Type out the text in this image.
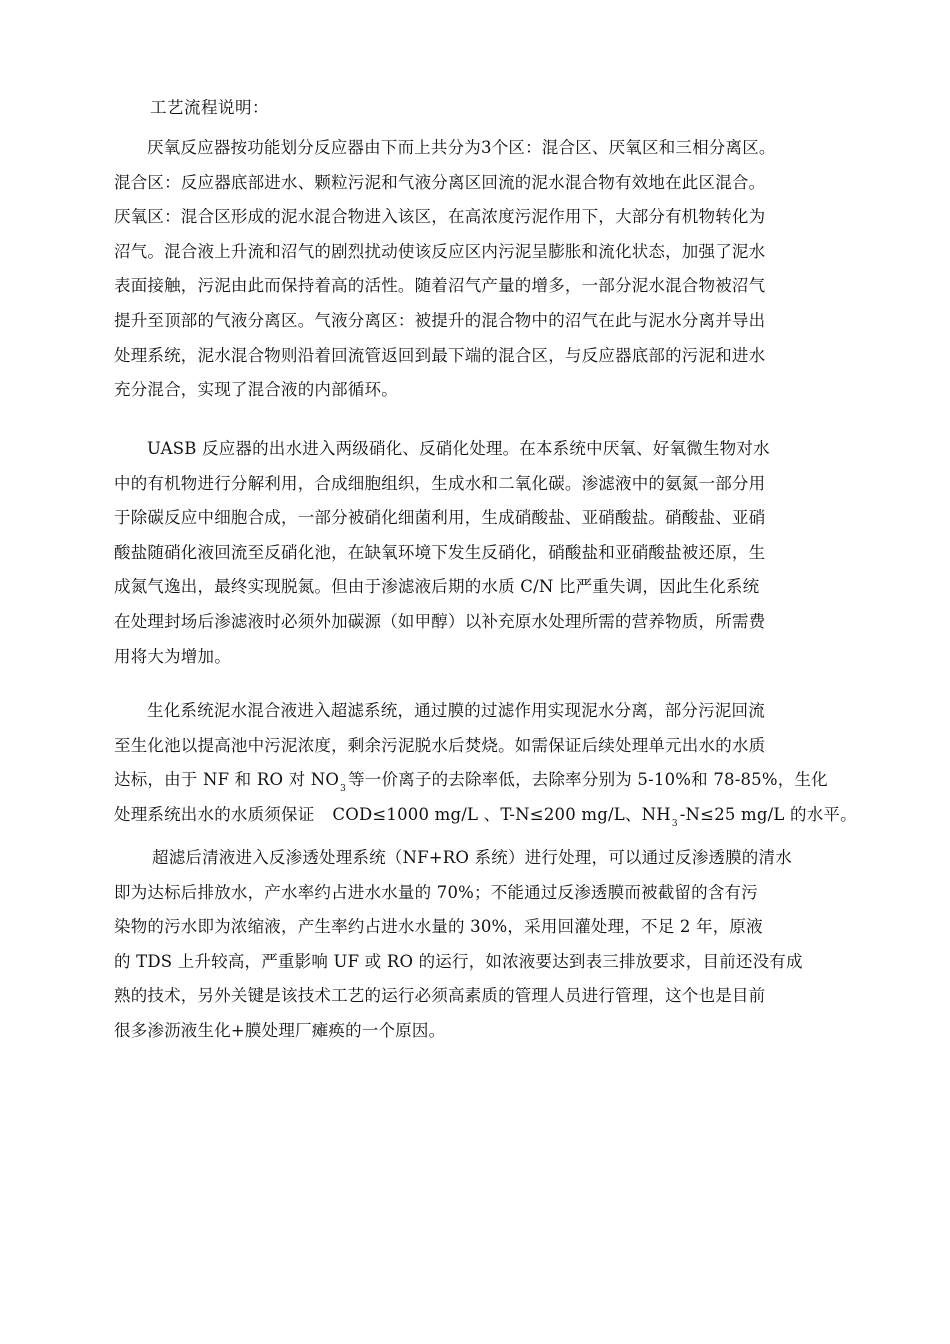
工艺流程说明：
厌氧反应器按功能划分反应器由下而上共分为3个区：混合区、厌氧区和三相分离区。
混合区：反应器底部进水、颗粒污泥和气液分离区回流的泥水混合物有效地在此区混合。
厌氧区：混合区形成的泥水混合物进入该区，在高浓度污泥作用下，大部分有机物转化为
沼气。混合液上升流和沼气的剧烈扰动使该反应区内污泥呈膨胀和流化状态，加强了泥水
表面接触，污泥由此而保持着高的活性。随着沼气产量的增多，一部分泥水混合物被沼气
提升至顶部的气液分离区。气液分离区：被提升的混合物中的沼气在此与泥水分离并导出
处理系统，泥水混合物则沿着回流管返回到最下端的混合区，与反应器底部的污泥和进水
充分混合，实现了混合液的内部循环。
UASB 反应器的出水进入两级硝化、反硝化处理。在本系统中厌氧、好氧微生物对水
中的有机物进行分解利用，合成细胞组织，生成水和二氧化碳。渗滤液中的氨氮一部分用
于除碳反应中细胞合成，一部分被硝化细菌利用，生成硝酸盐、亚硝酸盐。硝酸盐、亚硝
酸盐随硝化液回流至反硝化池，在缺氧环境下发生反硝化，硝酸盐和亚硝酸盐被还原，生
成氮气逸出，最终实现脱氮。但由于渗滤液后期的水质 C/N 比严重失调，因此生化系统
在处理封场后渗滤液时必须外加碳源（如甲醇）以补充原水处理所需的营养物质，所需费
用将大为增加。
生化系统泥水混合液进入超滤系统，通过膜的过滤作用实现泥水分离，部分污泥回流
至生化池以提高池中污泥浓度，剩余污泥脱水后焚烧。如需保证后续处理单元出水的水质
达标，由于 NF 和 RO 对 $NO_3$ 等一价离子的去除率低，去除率分别为 5-10%和 78-85%，生化
处理系统出水的水质须保证 COD≤1000 mg/L 、T-N≤200 mg/L、$NH_3$ -N≤25 mg/L 的水平。
超滤后清液进入反渗透处理系统（NF+RO 系统）进行处理，可以通过反渗透膜的清水
即为达标后排放水，产水率约占进水水量的 70%；不能通过反渗透膜而被截留的含有污
染物的污水即为浓缩液，产生率约占进水水量的 30%，采用回灌处理，不足 2 年，原液
的 TDS 上升较高，严重影响 UF 或 RO 的运行，如浓液要达到表三排放要求，目前还没有成
熟的技术，另外关键是该技术工艺的运行必须高素质的管理人员进行管理，这个也是目前
很多渗沥液生化+膜处理厂瘫痪的一个原因。
